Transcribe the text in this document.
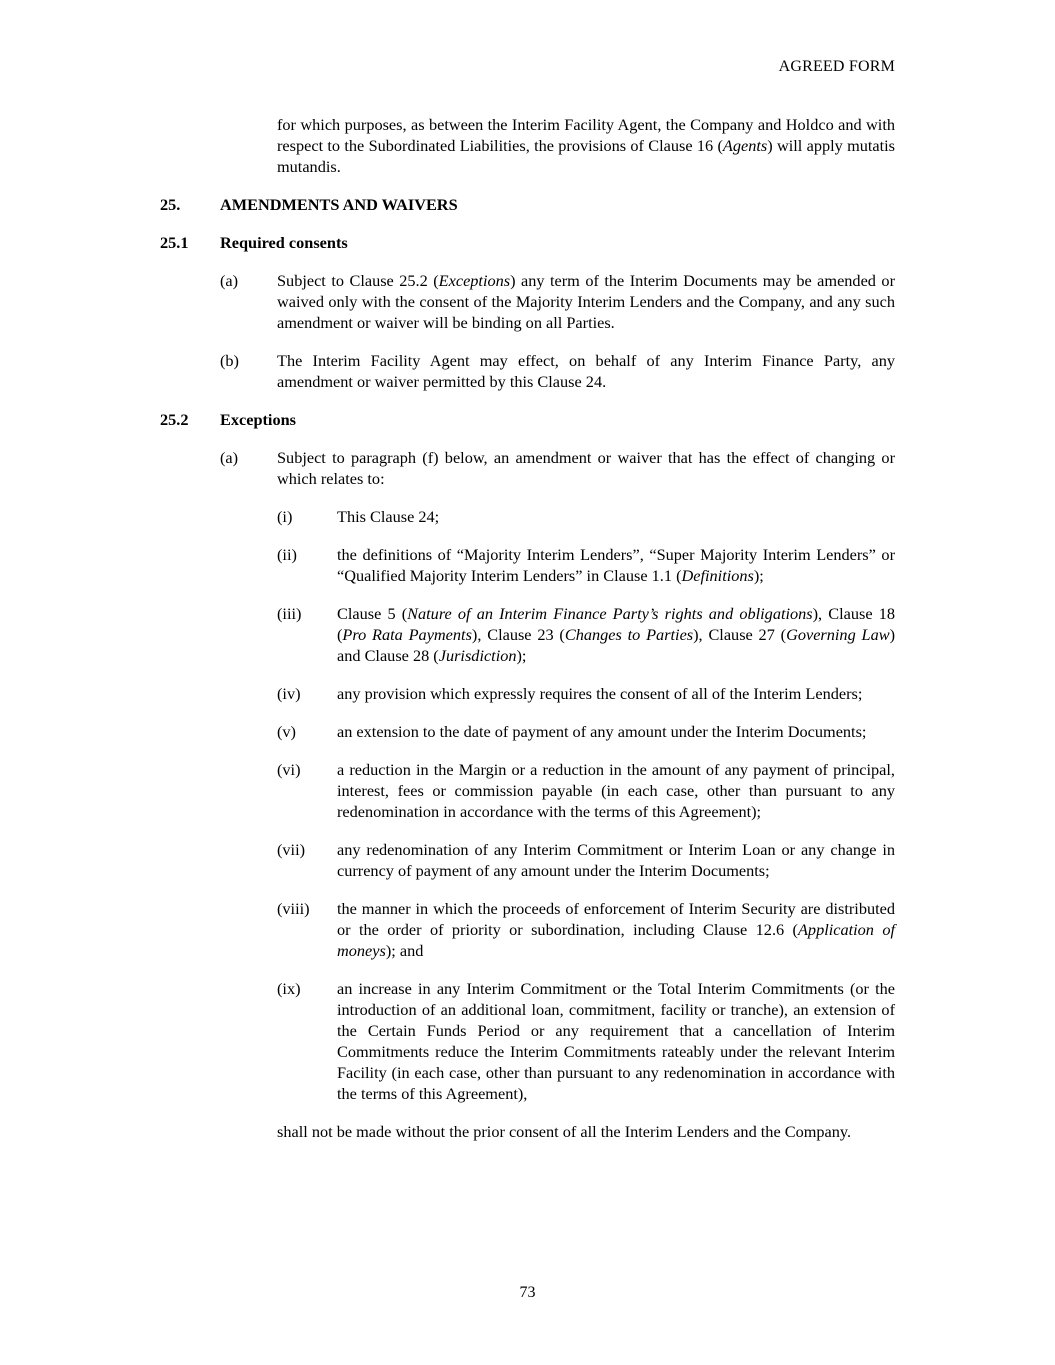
AGREED FORM
for which purposes, as between the Interim Facility Agent, the Company and Holdco and with respect to the Subordinated Liabilities, the provisions of Clause 16 (Agents) will apply mutatis mutandis.
25.	AMENDMENTS AND WAIVERS
25.1	Required consents
(a)	Subject to Clause 25.2 (Exceptions) any term of the Interim Documents may be amended or waived only with the consent of the Majority Interim Lenders and the Company, and any such amendment or waiver will be binding on all Parties.
(b)	The Interim Facility Agent may effect, on behalf of any Interim Finance Party, any amendment or waiver permitted by this Clause 24.
25.2	Exceptions
(a)	Subject to paragraph (f) below, an amendment or waiver that has the effect of changing or which relates to:
(i)	This Clause 24;
(ii)	the definitions of “Majority Interim Lenders”, “Super Majority Interim Lenders” or “Qualified Majority Interim Lenders” in Clause 1.1 (Definitions);
(iii)	Clause 5 (Nature of an Interim Finance Party’s rights and obligations), Clause 18 (Pro Rata Payments), Clause 23 (Changes to Parties), Clause 27 (Governing Law) and Clause 28 (Jurisdiction);
(iv)	any provision which expressly requires the consent of all of the Interim Lenders;
(v)	an extension to the date of payment of any amount under the Interim Documents;
(vi)	a reduction in the Margin or a reduction in the amount of any payment of principal, interest, fees or commission payable (in each case, other than pursuant to any redenomination in accordance with the terms of this Agreement);
(vii)	any redenomination of any Interim Commitment or Interim Loan or any change in currency of payment of any amount under the Interim Documents;
(viii)	the manner in which the proceeds of enforcement of Interim Security are distributed or the order of priority or subordination, including Clause 12.6 (Application of moneys); and
(ix)	an increase in any Interim Commitment or the Total Interim Commitments (or the introduction of an additional loan, commitment, facility or tranche), an extension of the Certain Funds Period or any requirement that a cancellation of Interim Commitments reduce the Interim Commitments rateably under the relevant Interim Facility (in each case, other than pursuant to any redenomination in accordance with the terms of this Agreement),
shall not be made without the prior consent of all the Interim Lenders and the Company.
73
